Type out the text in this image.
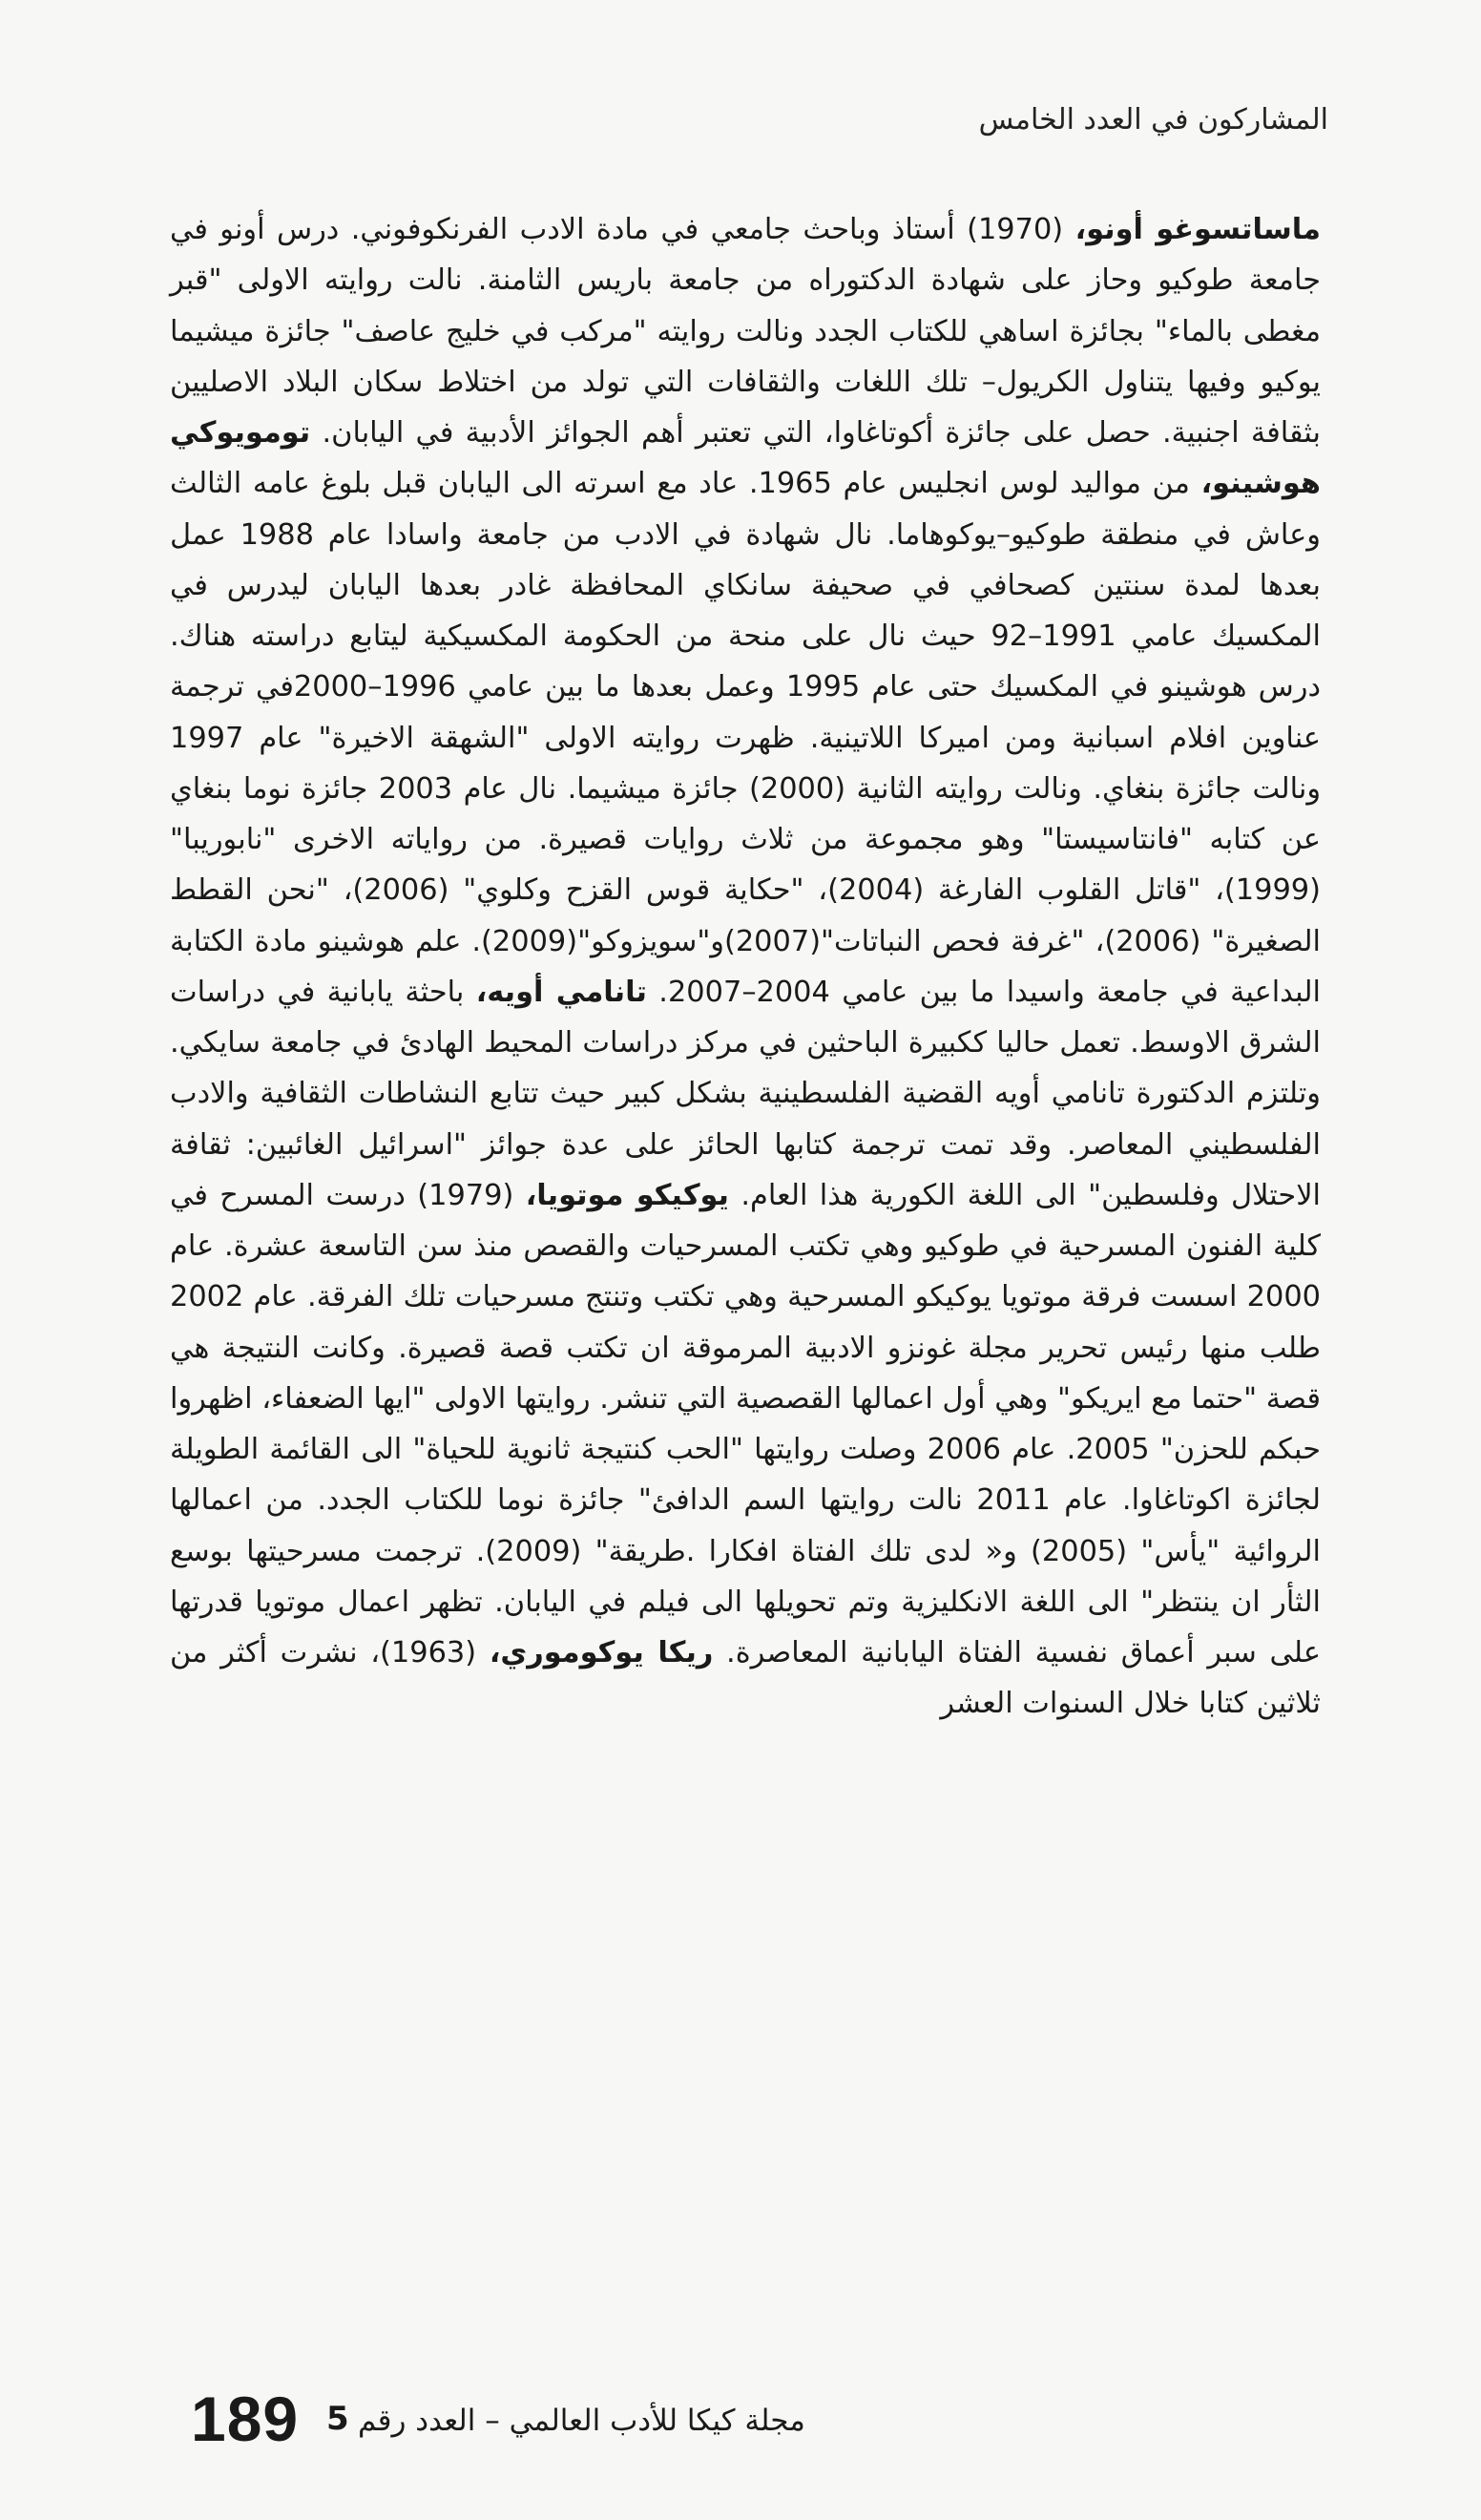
المشاركون في العدد الخامس

ماساتسوغو أونو، (1970) أستاذ وباحث جامعي في مادة الادب الفرنكوفوني. درس أونو في جامعة طوكيو وحاز على شهادة الدكتوراه من جامعة باريس الثامنة. نالت روايته الاولى "قبر مغطى بالماء" بجائزة اساهي للكتاب الجدد ونالت روايته "مركب في خليج عاصف" جائزة ميشيما يوكيو وفيها يتناول الكريول– تلك اللغات والثقافات التي تولد من اختلاط سكان البلاد الاصليين بثقافة اجنبية. حصل على جائزة أكوتاغاوا، التي تعتبر أهم الجوائز الأدبية في اليابان. تومويوكي هوشينو، من مواليد لوس انجليس عام 1965. عاد مع اسرته الى اليابان قبل بلوغ عامه الثالث وعاش في منطقة طوكيو–يوكوهاما. نال شهادة في الادب من جامعة واسادا عام 1988 عمل بعدها لمدة سنتين كصحافي في صحيفة سانكاي المحافظة غادر بعدها اليابان ليدرس في المكسيك عامي 1991–92 حيث نال على منحة من الحكومة المكسيكية ليتابع دراسته هناك. درس هوشينو في المكسيك حتى عام 1995 وعمل بعدها ما بين عامي 1996–2000في ترجمة عناوين افلام اسبانية ومن اميركا اللاتينية. ظهرت روايته الاولى "الشهقة الاخيرة" عام 1997 ونالت جائزة بنغاي. ونالت روايته الثانية (2000) جائزة ميشيما. نال عام 2003 جائزة نوما بنغاي عن كتابه "فانتاسيستا" وهو مجموعة من ثلاث روايات قصيرة. من رواياته الاخرى "نابوريبا" (1999)، "قاتل القلوب الفارغة (2004)، "حكاية قوس القزح وكلوي" (2006)، "نحن القطط الصغيرة" (2006)، "غرفة فحص النباتات"(2007)و"سويزوكو"(2009). علم هوشينو مادة الكتابة البداعية في جامعة واسيدا ما بين عامي 2004–2007. تانامي أويه، باحثة يابانية في دراسات الشرق الاوسط. تعمل حاليا ككبيرة الباحثين في مركز دراسات المحيط الهادئ في جامعة سايكي. وتلتزم الدكتورة تانامي أويه القضية الفلسطينية بشكل كبير حيث تتابع النشاطات الثقافية والادب الفلسطيني المعاصر. وقد تمت ترجمة كتابها الحائز على عدة جوائز "اسرائيل الغائبين: ثقافة الاحتلال وفلسطين" الى اللغة الكورية هذا العام. يوكيكو موتويا، (1979) درست المسرح في كلية الفنون المسرحية في طوكيو وهي تكتب المسرحيات والقصص منذ سن التاسعة عشرة. عام 2000 اسست فرقة موتويا يوكيكو المسرحية وهي تكتب وتنتج مسرحيات تلك الفرقة. عام 2002 طلب منها رئيس تحرير مجلة غونزو الادبية المرموقة ان تكتب قصة قصيرة. وكانت النتيجة هي قصة "حتما مع ايريكو" وهي أول اعمالها القصصية التي تنشر. روايتها الاولى "ايها الضعفاء، اظهروا حبكم للحزن" 2005. عام 2006 وصلت روايتها "الحب كنتيجة ثانوية للحياة" الى القائمة الطويلة لجائزة اكوتاغاوا. عام 2011 نالت روايتها السم الدافئ" جائزة نوما للكتاب الجدد. من اعمالها الروائية "يأس" (2005) و« لدى تلك الفتاة افكارا .طريقة" (2009). ترجمت مسرحيتها بوسع الثأر ان ينتظر" الى اللغة الانكليزية وتم تحويلها الى فيلم في اليابان. تظهر اعمال موتويا قدرتها على سبر أعماق نفسية الفتاة اليابانية المعاصرة. ريكا يوكوموري، (1963)، نشرت أكثر من ثلاثين كتابا خلال السنوات العشر

189 5 مجلة كيكا للأدب العالمي – العدد رقم
